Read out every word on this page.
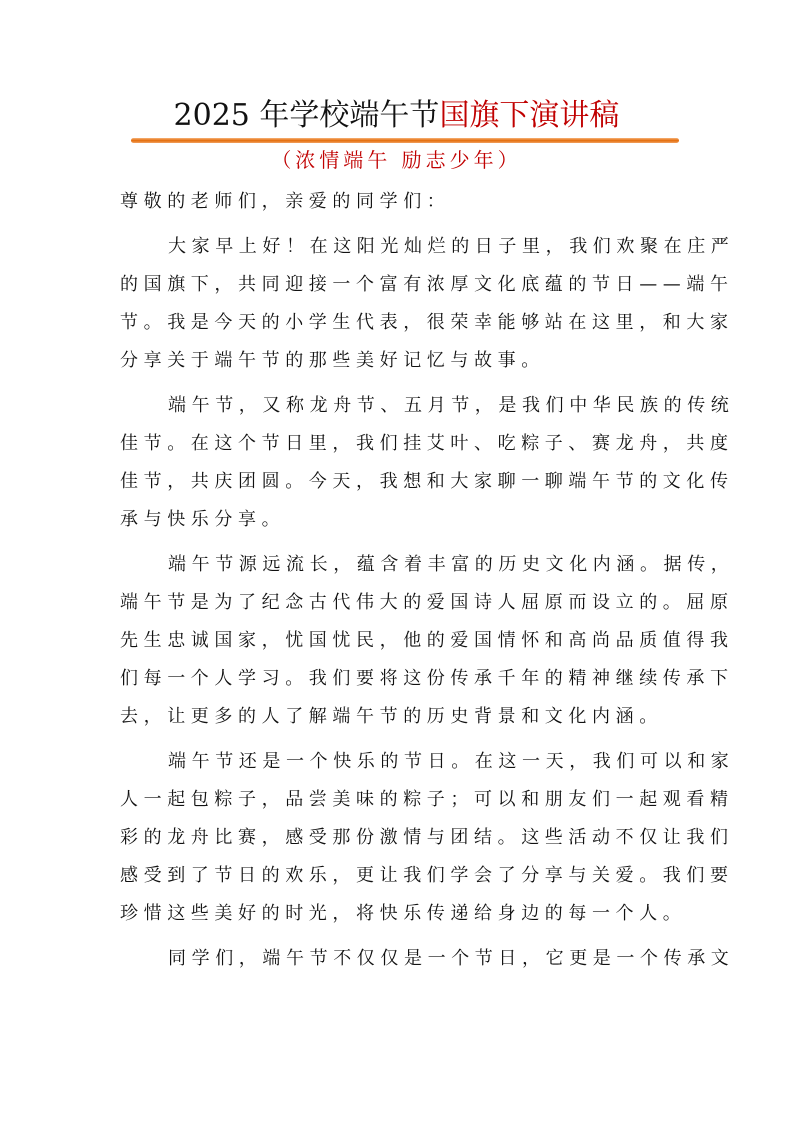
2025 年学校端午节国旗下演讲稿
（浓情端午 励志少年）
尊敬的老师们，亲爱的同学们：
大家早上好！在这阳光灿烂的日子里，我们欢聚在庄严
的国旗下，共同迎接一个富有浓厚文化底蕴的节日——端午
节。我是今天的小学生代表，很荣幸能够站在这里，和大家
分享关于端午节的那些美好记忆与故事。
端午节，又称龙舟节、五月节，是我们中华民族的传统
佳节。在这个节日里，我们挂艾叶、吃粽子、赛龙舟，共度
佳节，共庆团圆。今天，我想和大家聊一聊端午节的文化传
承与快乐分享。
端午节源远流长，蕴含着丰富的历史文化内涵。据传，
端午节是为了纪念古代伟大的爱国诗人屈原而设立的。屈原
先生忠诚国家，忧国忧民，他的爱国情怀和高尚品质值得我
们每一个人学习。我们要将这份传承千年的精神继续传承下
去，让更多的人了解端午节的历史背景和文化内涵。
端午节还是一个快乐的节日。在这一天，我们可以和家
人一起包粽子，品尝美味的粽子；可以和朋友们一起观看精
彩的龙舟比赛，感受那份激情与团结。这些活动不仅让我们
感受到了节日的欢乐，更让我们学会了分享与关爱。我们要
珍惜这些美好的时光，将快乐传递给身边的每一个人。
同学们，端午节不仅仅是一个节日，它更是一个传承文
